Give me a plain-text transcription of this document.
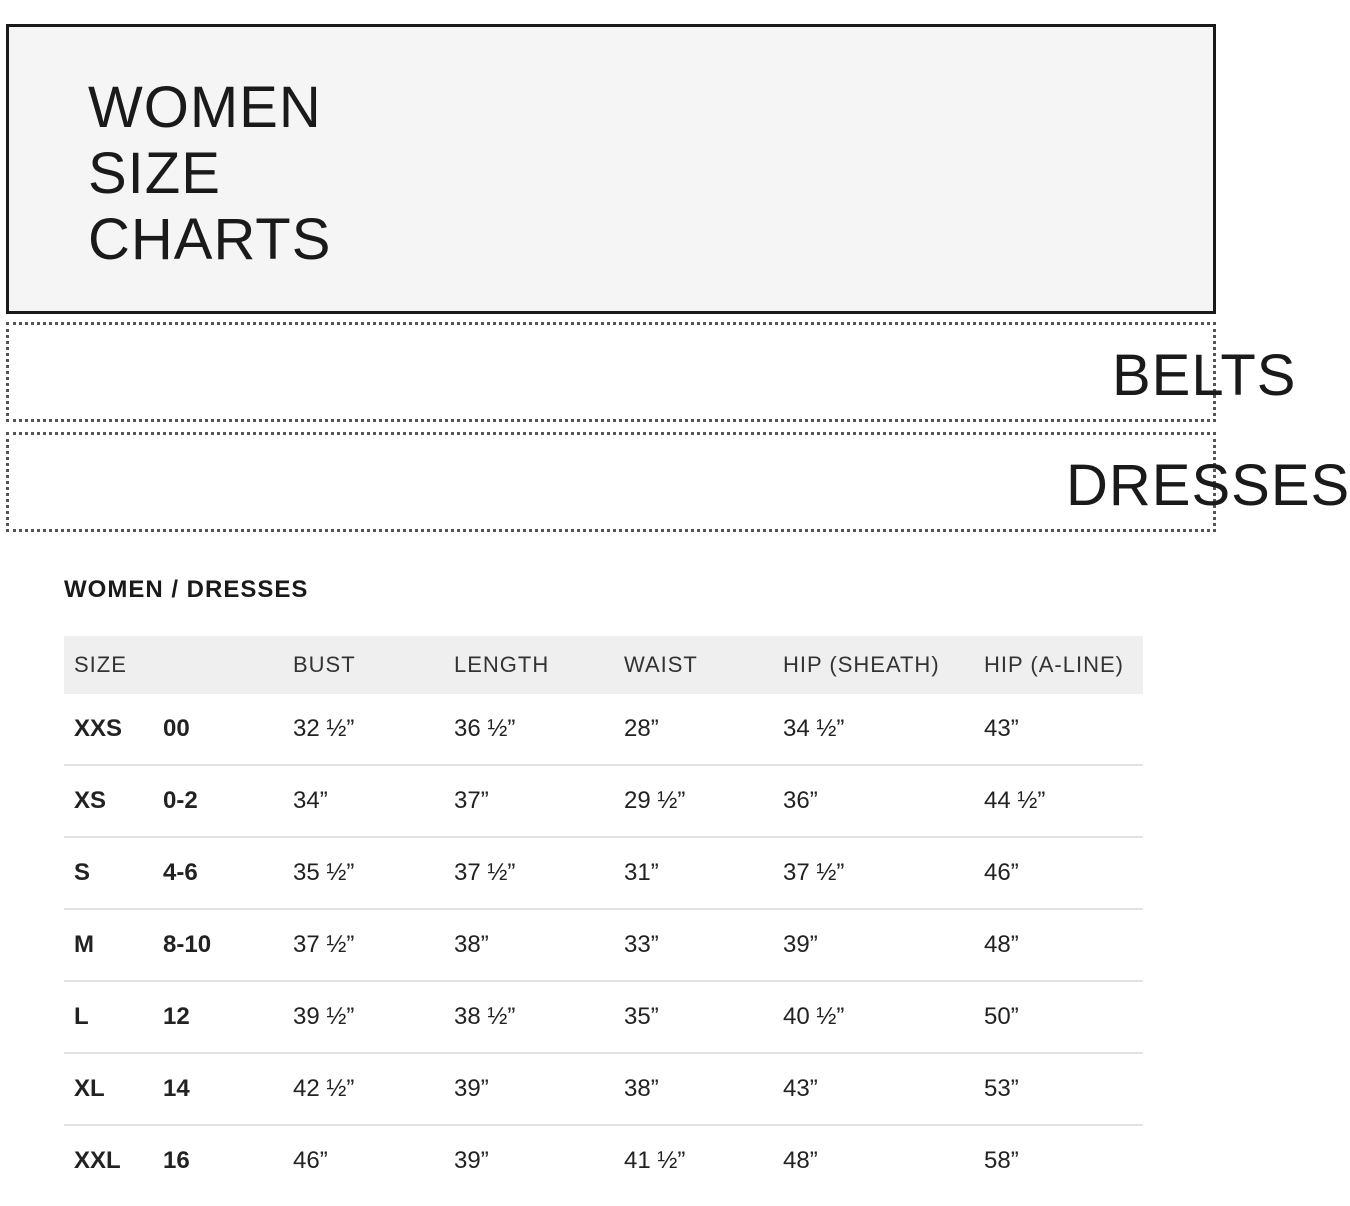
WOMEN
SIZE
CHARTS
BELTS
DRESSES
WOMEN / DRESSES
SIZE		BUST	LENGTH	WAIST	HIP (SHEATH)	HIP (A-LINE)
XXS	00	32 ½”	36 ½”	28”	34 ½”	43”
XS	0-2	34”	37”	29 ½”	36”	44 ½”
S	4-6	35 ½”	37 ½”	31”	37 ½”	46”
M	8-10	37 ½”	38”	33”	39”	48”
L	12	39 ½”	38 ½”	35”	40 ½”	50”
XL	14	42 ½”	39”	38”	43”	53”
XXL	16	46”	39”	41 ½”	48”	58”
